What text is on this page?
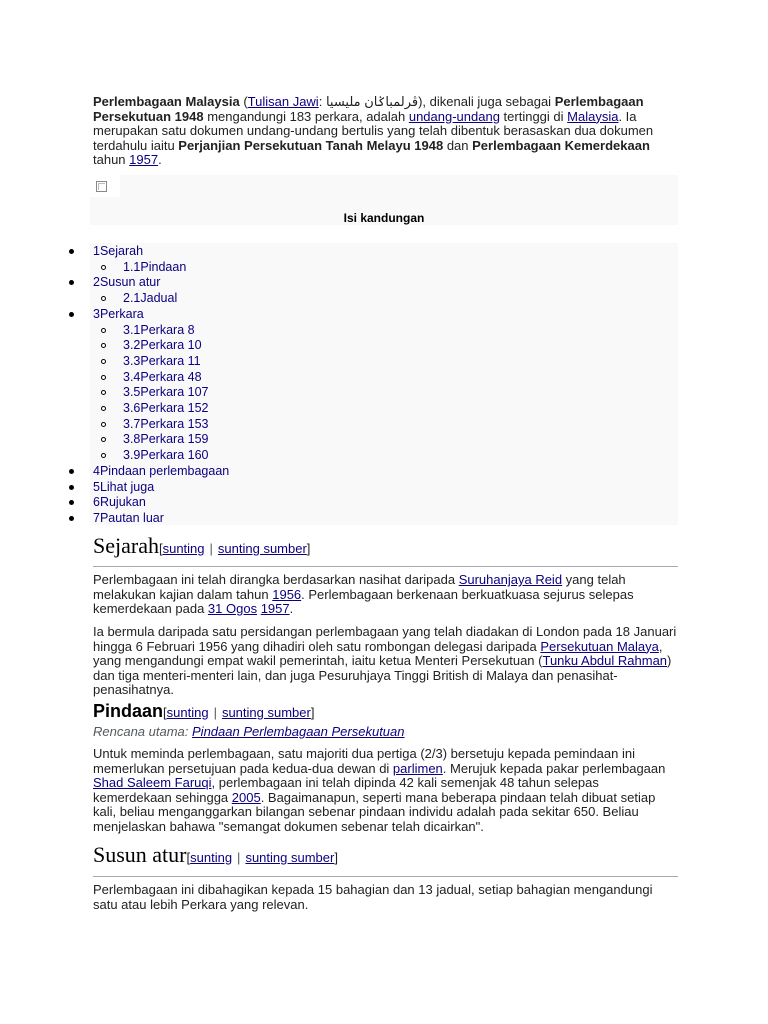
Perlembagaan Malaysia (Tulisan Jawi: ڤرلمباݢان مليسيا), dikenali juga sebagai Perlembagaan Persekutuan 1948 mengandungi 183 perkara, adalah undang-undang tertinggi di Malaysia. Ia merupakan satu dokumen undang-undang bertulis yang telah dibentuk berasaskan dua dokumen terdahulu iaitu Perjanjian Persekutuan Tanah Melayu 1948 dan Perlembagaan Kemerdekaan tahun 1957.
Isi kandungan
1Sejarah
1.1Pindaan
2Susun atur
2.1Jadual
3Perkara
3.1Perkara 8
3.2Perkara 10
3.3Perkara 11
3.4Perkara 48
3.5Perkara 107
3.6Perkara 152
3.7Perkara 153
3.8Perkara 159
3.9Perkara 160
4Pindaan perlembagaan
5Lihat juga
6Rujukan
7Pautan luar
Sejarah[sunting | sunting sumber]
Perlembagaan ini telah dirangka berdasarkan nasihat daripada Suruhanjaya Reid yang telah melakukan kajian dalam tahun 1956. Perlembagaan berkenaan berkuatkuasa sejurus selepas kemerdekaan pada 31 Ogos 1957.
Ia bermula daripada satu persidangan perlembagaan yang telah diadakan di London pada 18 Januari hingga 6 Februari 1956 yang dihadiri oleh satu rombongan delegasi daripada Persekutuan Malaya, yang mengandungi empat wakil pemerintah, iaitu ketua Menteri Persekutuan (Tunku Abdul Rahman) dan tiga menteri-menteri lain, dan juga Pesuruhjaya Tinggi British di Malaya dan penasihat-penasihatnya.
Pindaan[sunting | sunting sumber]
Rencana utama: Pindaan Perlembagaan Persekutuan
Untuk meminda perlembagaan, satu majoriti dua pertiga (2/3) bersetuju kepada pemindaan ini memerlukan persetujuan pada kedua-dua dewan di parlimen. Merujuk kepada pakar perlembagaan Shad Saleem Faruqi, perlembagaan ini telah dipinda 42 kali semenjak 48 tahun selepas kemerdekaan sehingga 2005. Bagaimanapun, seperti mana beberapa pindaan telah dibuat setiap kali, beliau menganggarkan bilangan sebenar pindaan individu adalah pada sekitar 650. Beliau menjelaskan bahawa "semangat dokumen sebenar telah dicairkan".
Susun atur[sunting | sunting sumber]
Perlembagaan ini dibahagikan kepada 15 bahagian dan 13 jadual, setiap bahagian mengandungi satu atau lebih Perkara yang relevan.
